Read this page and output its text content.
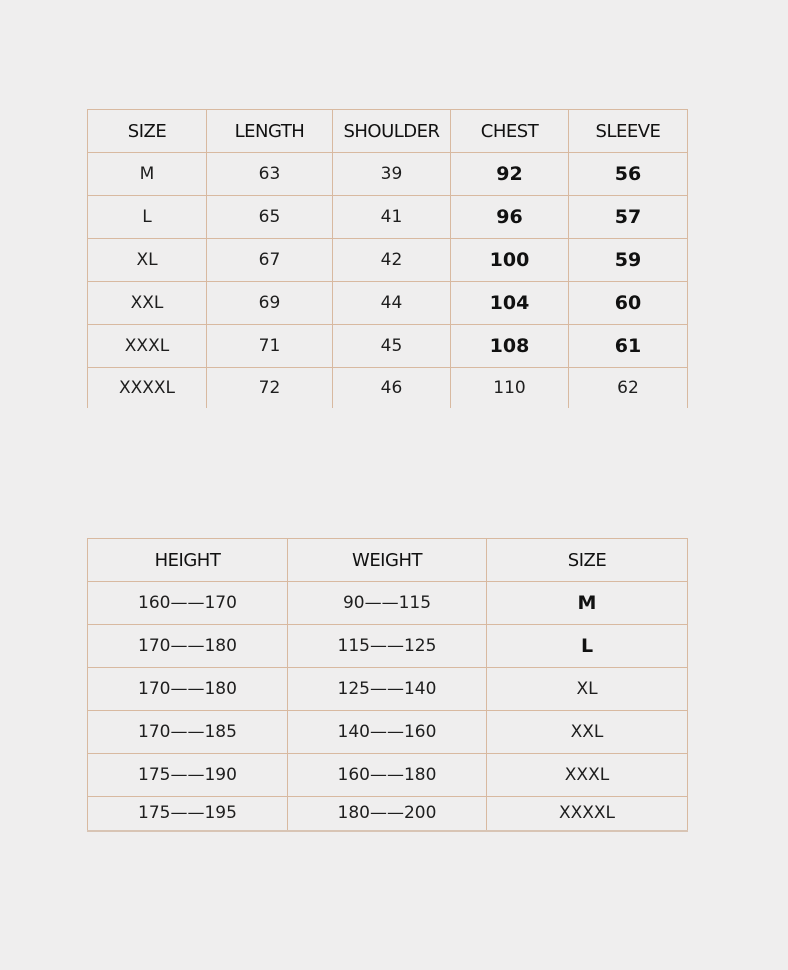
SIZE	LENGTH	SHOULDER	CHEST	SLEEVE
M	63	39	92	56
L	65	41	96	57
XL	67	42	100	59
XXL	69	44	104	60
XXXL	71	45	108	61
XXXXL	72	46	110	62
HEIGHT	WEIGHT	SIZE
160——170	90——115	M
170——180	115——125	L
170——180	125——140	XL
170——185	140——160	XXL
175——190	160——180	XXXL
175——195	180——200	XXXXL
